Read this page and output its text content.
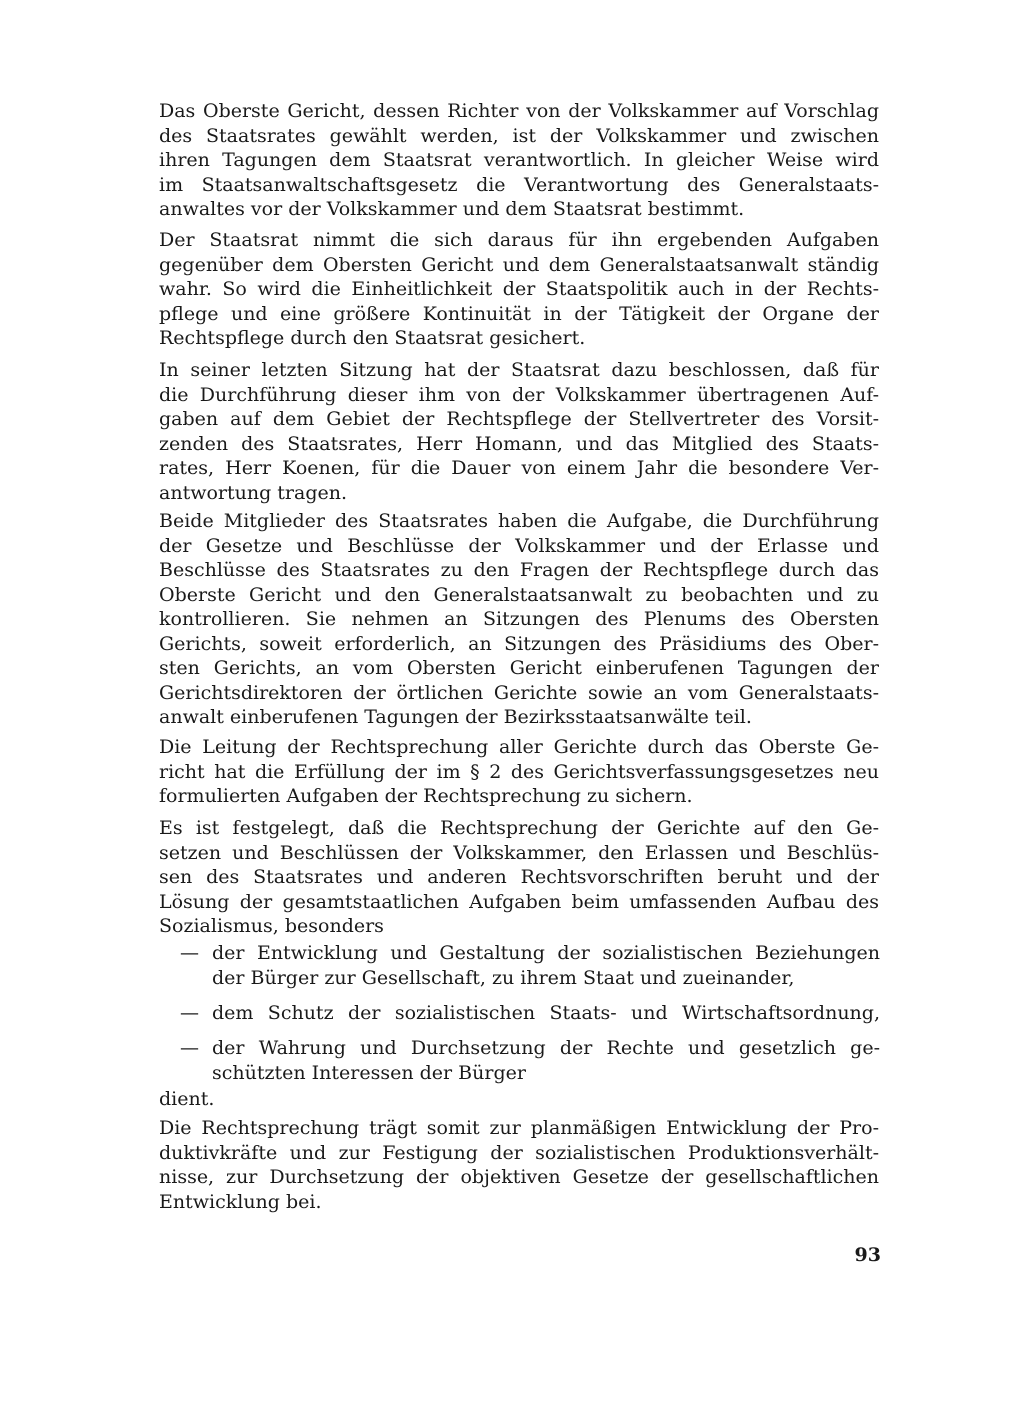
Das Oberste Gericht, dessen Richter von der Volkskammer auf Vorschlag
des Staatsrates gewählt werden, ist der Volkskammer und zwischen
ihren Tagungen dem Staatsrat verantwortlich. In gleicher Weise wird
im Staatsanwaltschaftsgesetz die Verantwortung des Generalstaats-
anwaltes vor der Volkskammer und dem Staatsrat bestimmt.
Der Staatsrat nimmt die sich daraus für ihn ergebenden Aufgaben
gegenüber dem Obersten Gericht und dem Generalstaatsanwalt ständig
wahr. So wird die Einheitlichkeit der Staatspolitik auch in der Rechts-
pflege und eine größere Kontinuität in der Tätigkeit der Organe der
Rechtspflege durch den Staatsrat gesichert.
In seiner letzten Sitzung hat der Staatsrat dazu beschlossen, daß für
die Durchführung dieser ihm von der Volkskammer übertragenen Auf-
gaben auf dem Gebiet der Rechtspflege der Stellvertreter des Vorsit-
zenden des Staatsrates, Herr Homann, und das Mitglied des Staats-
rates, Herr Koenen, für die Dauer von einem Jahr die besondere Ver-
antwortung tragen.
Beide Mitglieder des Staatsrates haben die Aufgabe, die Durchführung
der Gesetze und Beschlüsse der Volkskammer und der Erlasse und
Beschlüsse des Staatsrates zu den Fragen der Rechtspflege durch das
Oberste Gericht und den Generalstaatsanwalt zu beobachten und zu
kontrollieren. Sie nehmen an Sitzungen des Plenums des Obersten
Gerichts, soweit erforderlich, an Sitzungen des Präsidiums des Ober-
sten Gerichts, an vom Obersten Gericht einberufenen Tagungen der
Gerichtsdirektoren der örtlichen Gerichte sowie an vom Generalstaats-
anwalt einberufenen Tagungen der Bezirksstaatsanwälte teil.
Die Leitung der Rechtsprechung aller Gerichte durch das Oberste Ge-
richt hat die Erfüllung der im § 2 des Gerichtsverfassungsgesetzes neu
formulierten Aufgaben der Rechtsprechung zu sichern.
Es ist festgelegt, daß die Rechtsprechung der Gerichte auf den Ge-
setzen und Beschlüssen der Volkskammer, den Erlassen und Beschlüs-
sen des Staatsrates und anderen Rechtsvorschriften beruht und der
Lösung der gesamtstaatlichen Aufgaben beim umfassenden Aufbau des
Sozialismus, besonders
— der Entwicklung und Gestaltung der sozialistischen Beziehungen
der Bürger zur Gesellschaft, zu ihrem Staat und zueinander,
— dem Schutz der sozialistischen Staats- und Wirtschaftsordnung,
— der Wahrung und Durchsetzung der Rechte und gesetzlich ge-
schützten Interessen der Bürger
dient.
Die Rechtsprechung trägt somit zur planmäßigen Entwicklung der Pro-
duktivkräfte und zur Festigung der sozialistischen Produktionsverhält-
nisse, zur Durchsetzung der objektiven Gesetze der gesellschaftlichen
Entwicklung bei.
93
